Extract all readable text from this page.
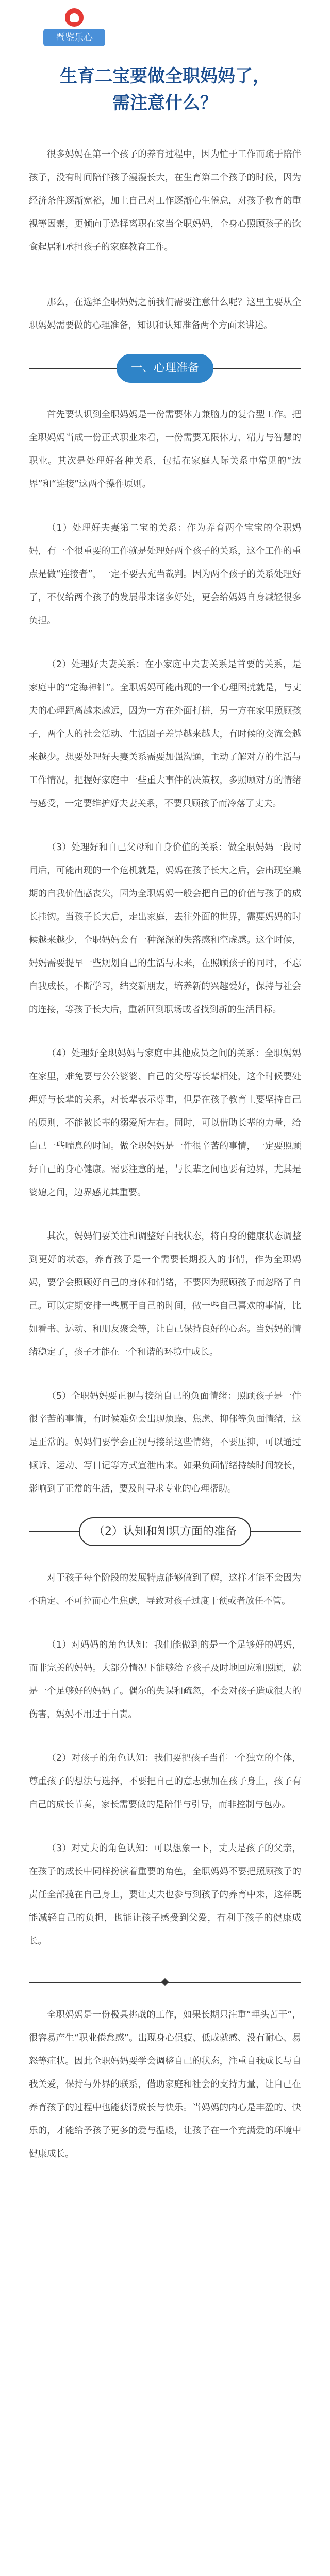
暨鉴乐心
生育二宝要做全职妈妈了，
需注意什么？

很多妈妈在第一个孩子的养育过程中，因为忙于工作而疏于陪伴孩子，没有时间陪伴孩子漫漫长大，在生育第二个孩子的时候，因为经济条件逐渐宽裕，加上自己对工作逐渐心生倦怠，对孩子教育的重视等因素，更倾向于选择离职在家当全职妈妈，全身心照顾孩子的饮食起居和承担孩子的家庭教育工作。

那么，在选择全职妈妈之前我们需要注意什么呢？这里主要从全职妈妈需要做的心理准备，知识和认知准备两个方面来讲述。

一、心理准备

首先要认识到全职妈妈是一份需要体力兼脑力的复合型工作。把全职妈妈当成一份正式职业来看，一份需要无限体力、精力与智慧的职业。其次是处理好各种关系，包括在家庭人际关系中常见的“边界”和“连接”这两个操作原则。

（1）处理好夫妻第二宝的关系：作为养育两个宝宝的全职妈妈，有一个很重要的工作就是处理好两个孩子的关系，这个工作的重点是做“连接者”，一定不要去充当裁判。因为两个孩子的关系处理好了，不仅给两个孩子的发展带来诸多好处，更会给妈妈自身减轻很多负担。

（2）处理好夫妻关系：在小家庭中夫妻关系是首要的关系，是家庭中的“定海神针”。全职妈妈可能出现的一个心理困扰就是，与丈夫的心理距离越来越远，因为一方在外面打拼，另一方在家里照顾孩子，两个人的社会活动、生活圈子差异越来越大，有时候的交流会越来越少。想要处理好夫妻关系需要加强沟通，主动了解对方的生活与工作情况，把握好家庭中一些重大事件的决策权，多照顾对方的情绪与感受，一定要维护好夫妻关系，不要只顾孩子而冷落了丈夫。

（3）处理好和自己父母和自身价值的关系：做全职妈妈一段时间后，可能出现的一个危机就是，妈妈在孩子长大之后，会出现空巢期的自我价值感丧失，因为全职妈妈一般会把自己的价值与孩子的成长挂钩。当孩子长大后，走出家庭，去往外面的世界，需要妈妈的时候越来越少，全职妈妈会有一种深深的失落感和空虚感。这个时候，妈妈需要提早一些规划自己的生活与未来，在照顾孩子的同时，不忘自我成长，不断学习，结交新朋友，培养新的兴趣爱好，保持与社会的连接，等孩子长大后，重新回到职场或者找到新的生活目标。

（4）处理好全职妈妈与家庭中其他成员之间的关系：全职妈妈在家里，难免要与公公婆婆、自己的父母等长辈相处，这个时候要处理好与长辈的关系，对长辈表示尊重，但是在孩子教育上要坚持自己的原则，不能被长辈的溺爱所左右。同时，可以借助长辈的力量，给自己一些喘息的时间。做全职妈妈是一件很辛苦的事情，一定要照顾好自己的身心健康。需要注意的是，与长辈之间也要有边界，尤其是婆媳之间，边界感尤其重要。

其次，妈妈们要关注和调整好自我状态，将自身的健康状态调整到更好的状态，养育孩子是一个需要长期投入的事情，作为全职妈妈，要学会照顾好自己的身体和情绪，不要因为照顾孩子而忽略了自己。可以定期安排一些属于自己的时间，做一些自己喜欢的事情，比如看书、运动、和朋友聚会等，让自己保持良好的心态。当妈妈的情绪稳定了，孩子才能在一个和谐的环境中成长。

（5）全职妈妈要正视与接纳自己的负面情绪：照顾孩子是一件很辛苦的事情，有时候难免会出现烦躁、焦虑、抑郁等负面情绪，这是正常的。妈妈们要学会正视与接纳这些情绪，不要压抑，可以通过倾诉、运动、写日记等方式宣泄出来。如果负面情绪持续时间较长，影响到了正常的生活，要及时寻求专业的心理帮助。

（2）认知和知识方面的准备

对于孩子每个阶段的发展特点能够做到了解，这样才能不会因为不确定、不可控而心生焦虑，导致对孩子过度干预或者放任不管。

（1）对妈妈的角色认知：我们能做到的是一个足够好的妈妈，而非完美的妈妈。大部分情况下能够给予孩子及时地回应和照顾，就是一个足够好的妈妈了。偶尔的失误和疏忽，不会对孩子造成很大的伤害，妈妈不用过于自责。

（2）对孩子的角色认知：我们要把孩子当作一个独立的个体，尊重孩子的想法与选择，不要把自己的意志强加在孩子身上，孩子有自己的成长节奏，家长需要做的是陪伴与引导，而非控制与包办。

（3）对丈夫的角色认知：可以想象一下，丈夫是孩子的父亲，在孩子的成长中同样扮演着重要的角色，全职妈妈不要把照顾孩子的责任全部揽在自己身上，要让丈夫也参与到孩子的养育中来，这样既能减轻自己的负担，也能让孩子感受到父爱，有利于孩子的健康成长。

全职妈妈是一份极具挑战的工作，如果长期只注重“埋头苦干”，很容易产生“职业倦怠感”。出现身心俱疲、低成就感、没有耐心、易怒等症状。因此全职妈妈要学会调整自己的状态，注重自我成长与自我关爱，保持与外界的联系，借助家庭和社会的支持力量，让自己在养育孩子的过程中也能获得成长与快乐。当妈妈的内心是丰盈的、快乐的，才能给予孩子更多的爱与温暖，让孩子在一个充满爱的环境中健康成长。
